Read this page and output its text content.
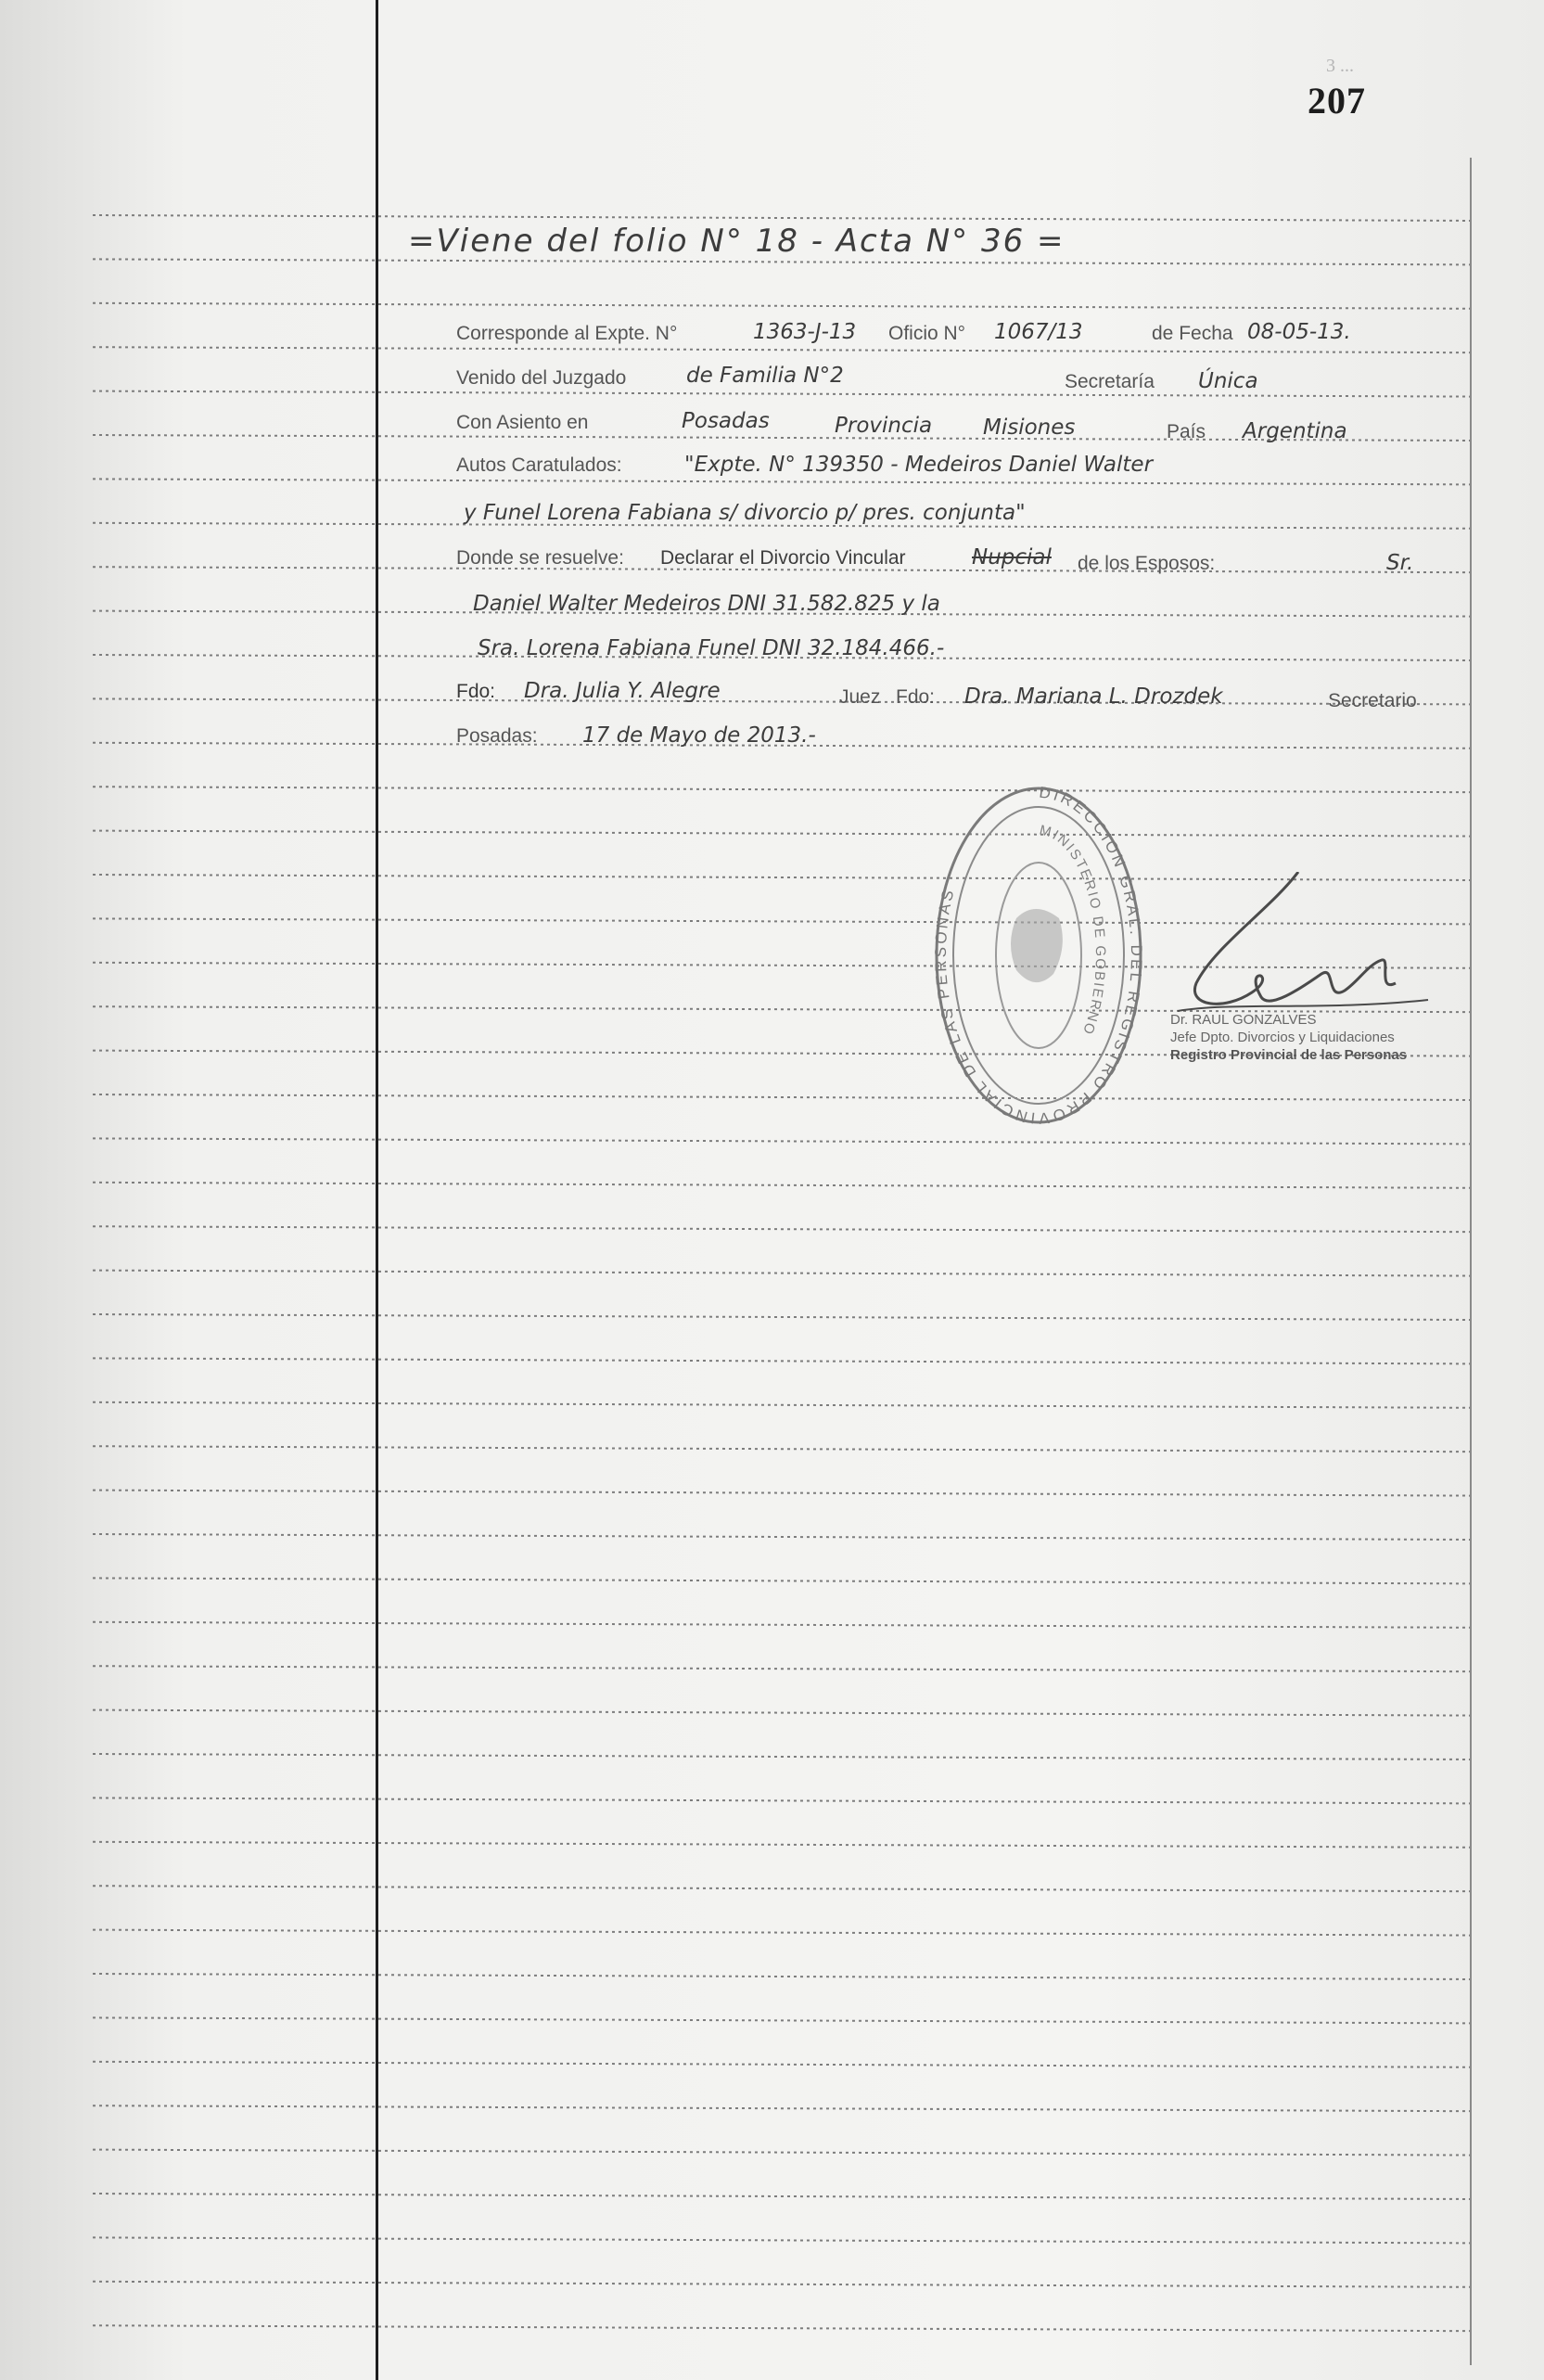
3 ...
207
=Viene del folio N° 18 - Acta N° 36 =
Corresponde al Expte. N°	1363-J-13 Oficio N° 1067/13	de Fecha 08-05-13.
Venido del Juzgado	de Familia N°2	Secretaría Única
Con Asiento en	Posadas	Provincia Misiones	País Argentina
Autos Caratulados:	"Expte. N° 139350 - Medeiros Daniel Walter
y Funel Lorena Fabiana s/ divorcio p/ pres. conjunta"
Donde se resuelve: Declarar el Divorcio Vincular	Nupcial de los Esposos:	Sr.
Daniel Walter Medeiros DNI 31.582.825 y la
Sra. Lorena Fabiana Funel DNI 32.184.466.-
Fdo: Dra. Julia Y. Alegre	Juez Fdo: Dra. Mariana L. Drozdek	Secretario
Posadas: 17 de Mayo de 2013.-
DIRECCION GRAL. DEL REGISTRO PROVINCIAL DE LAS PERSONAS
MINISTERIO DE GOBIERNO
Dr. RAUL GONZALVES
Jefe Dpto. Divorcios y Liquidaciones
Registro Provincial de las Personas
